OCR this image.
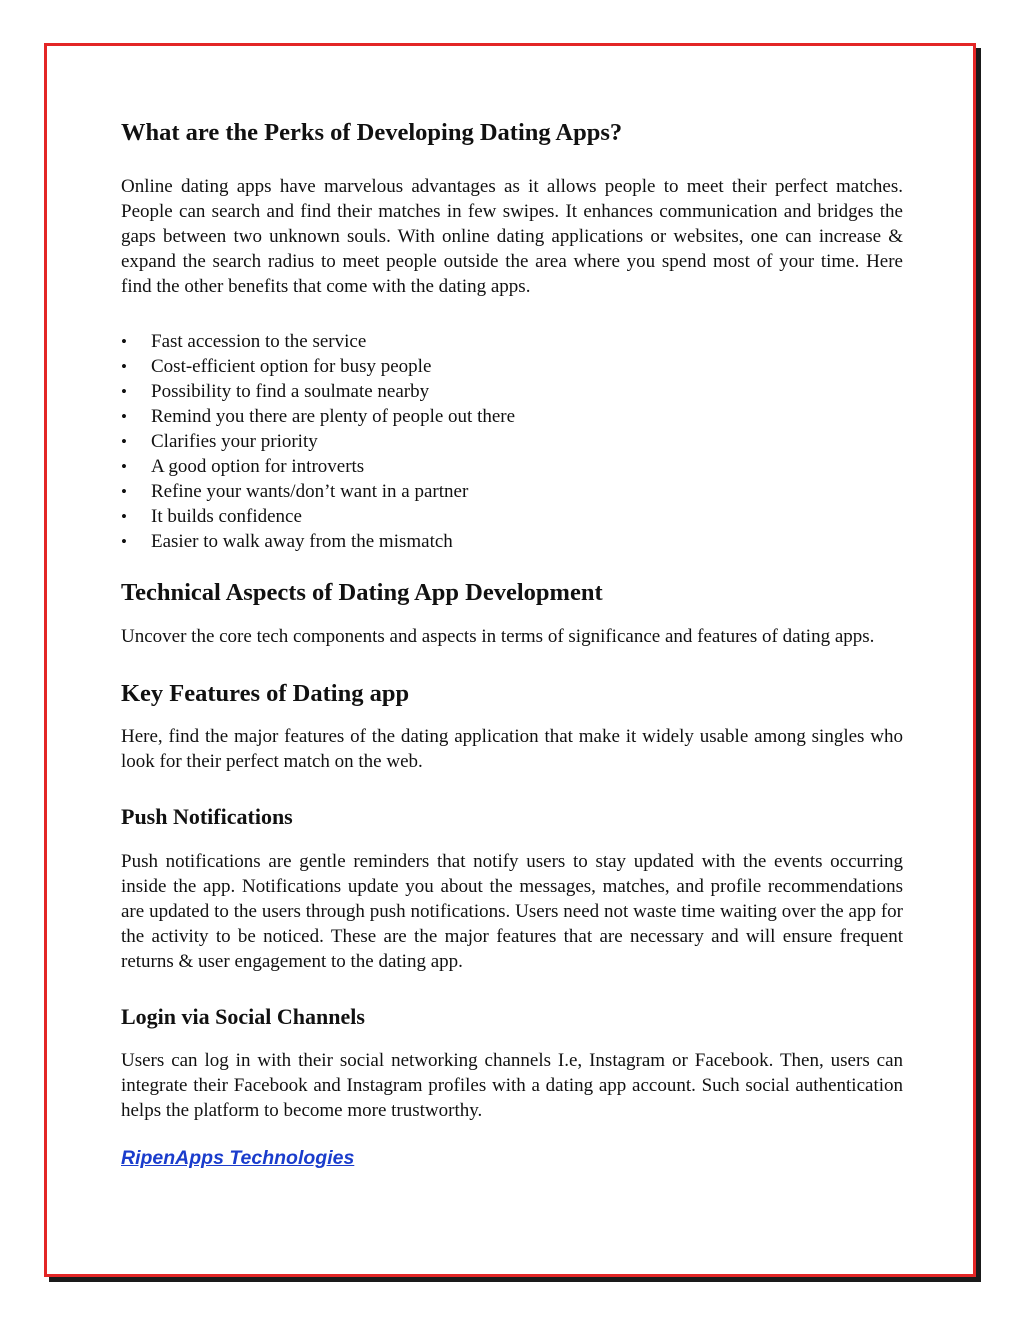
What are the Perks of Developing Dating Apps?

Online dating apps have marvelous advantages as it allows people to meet their perfect matches. People can search and find their matches in few swipes. It enhances communication and bridges the gaps between two unknown souls. With online dating applications or websites, one can increase & expand the search radius to meet people outside the area where you spend most of your time. Here find the other benefits that come with the dating apps.

• Fast accession to the service
• Cost-efficient option for busy people
• Possibility to find a soulmate nearby
• Remind you there are plenty of people out there
• Clarifies your priority
• A good option for introverts
• Refine your wants/don’t want in a partner
• It builds confidence
• Easier to walk away from the mismatch
Technical Aspects of Dating App Development

Uncover the core tech components and aspects in terms of significance and features of dating apps.

Key Features of Dating app

Here, find the major features of the dating application that make it widely usable among singles who look for their perfect match on the web.

Push Notifications

Push notifications are gentle reminders that notify users to stay updated with the events occurring inside the app. Notifications update you about the messages, matches, and profile recommendations are updated to the users through push notifications. Users need not waste time waiting over the app for the activity to be noticed. These are the major features that are necessary and will ensure frequent returns & user engagement to the dating app.

Login via Social Channels

Users can log in with their social networking channels I.e, Instagram or Facebook. Then, users can integrate their Facebook and Instagram profiles with a dating app account. Such social authentication helps the platform to become more trustworthy.

RipenApps Technologies
